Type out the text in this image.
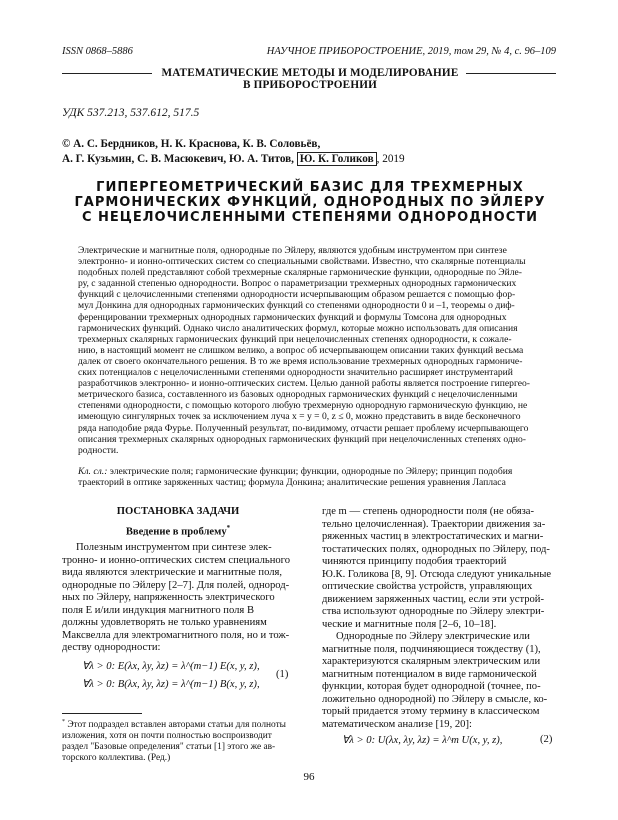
ISSN 0868–5886	НАУЧНОЕ ПРИБОРОСТРОЕНИЕ, 2019, том 29, № 4, c. 96–109
МАТЕМАТИЧЕСКИЕ МЕТОДЫ И МОДЕЛИРОВАНИЕ
В ПРИБОРОСТРОЕНИИ
УДК 537.213, 537.612, 517.5
© А. С. Бердников, Н. К. Краснова, К. В. Соловьёв,
А. Г. Кузьмин, С. В. Масюкевич, Ю. А. Титов, Ю. К. Голиков , 2019
ГИПЕРГЕОМЕТРИЧЕСКИЙ БАЗИС ДЛЯ ТРЕХМЕРНЫХ
ГАРМОНИЧЕСКИХ ФУНКЦИЙ, ОДНОРОДНЫХ ПО ЭЙЛЕРУ
С НЕЦЕЛОЧИСЛЕННЫМИ СТЕПЕНЯМИ ОДНОРОДНОСТИ
Электрические и магнитные поля, однородные по Эйлеру, являются удобным инструментом при синтезе
электронно- и ионно-оптических систем со специальными свойствами. Известно, что скалярные потенциалы
подобных полей представляют собой трехмерные скалярные гармонические функции, однородные по Эйле-
ру, с заданной степенью однородности. Вопрос о параметризации трехмерных однородных гармонических
функций с целочисленными степенями однородности исчерпывающим образом решается с помощью фор-
мул Донкина для однородных гармонических функций со степенями однородности 0 и –1, теоремы о диф-
ференцировании трехмерных однородных гармонических функций и формулы Томсона для однородных
гармонических функций. Однако число аналитических формул, которые можно использовать для описания
трехмерных скалярных гармонических функций при нецелочисленных степенях однородности, к сожале-
нию, в настоящий момент не слишком велико, а вопрос об исчерпывающем описании таких функций весьма
далек от своего окончательного решения. В то же время использование трехмерных однородных гармониче-
ских потенциалов с нецелочисленными степенями однородности значительно расширяет инструментарий
разработчиков электронно- и ионно-оптических систем. Целью данной работы является построение гипергео-
метрического базиса, составленного из базовых однородных гармонических функций с нецелочисленными
степенями однородности, с помощью которого любую трехмерную однородную гармоническую функцию, не
имеющую сингулярных точек за исключением луча x = y = 0, z ≤ 0, можно представить в виде бесконечного
ряда наподобие ряда Фурье. Полученный результат, по-видимому, отчасти решает проблему исчерпывающего
описания трехмерных скалярных однородных гармонических функций при нецелочисленных степенях одно-
родности.
Кл. сл.: электрические поля; гармонические функции; функции, однородные по Эйлеру; принцип подобия
траекторий в оптике заряженных частиц; формула Донкина; аналитические решения уравнения Лапласа
ПОСТАНОВКА ЗАДАЧИ
Введение в проблему*
Полезным инструментом при синтезе элек-
тронно- и ионно-оптических систем специального
вида являются электрические и магнитные поля,
однородные по Эйлеру [2–7]. Для полей, однород-
ных по Эйлеру, напряженность электрического
поля E и/или индукция магнитного поля B
должны удовлетворять не только уравнениям
Максвелла для электромагнитного поля, но и тож-
деству однородности:
∀λ > 0: E(λx, λy, λz) = λ^(m−1) E(x, y, z),
∀λ > 0: B(λx, λy, λz) = λ^(m−1) B(x, y, z),
(1)
* Этот подраздел вставлен авторами статьи для полноты
изложения, хотя он почти полностью воспроизводит
раздел "Базовые определения" статьи [1] этого же ав-
торского коллектива. (Ред.)
где m — степень однородности поля (не обяза-
тельно целочисленная). Траектории движения за-
ряженных частиц в электростатических и магни-
тостатических полях, однородных по Эйлеру, под-
чиняются принципу подобия траекторий
Ю.К. Голикова [8, 9]. Отсюда следуют уникальные
оптические свойства устройств, управляющих
движением заряженных частиц, если эти устрой-
ства используют однородные по Эйлеру электри-
ческие и магнитные поля [2–6, 10–18].
Однородные по Эйлеру электрические или
магнитные поля, подчиняющиеся тождеству (1),
характеризуются скалярным электрическим или
магнитным потенциалом в виде гармонической
функции, которая будет однородной (точнее, по-
ложительно однородной) по Эйлеру в смысле, ко-
торый придается этому термину в классическом
математическом анализе [19, 20]:
∀λ > 0: U(λx, λy, λz) = λ^m U(x, y, z),	(2)
96
